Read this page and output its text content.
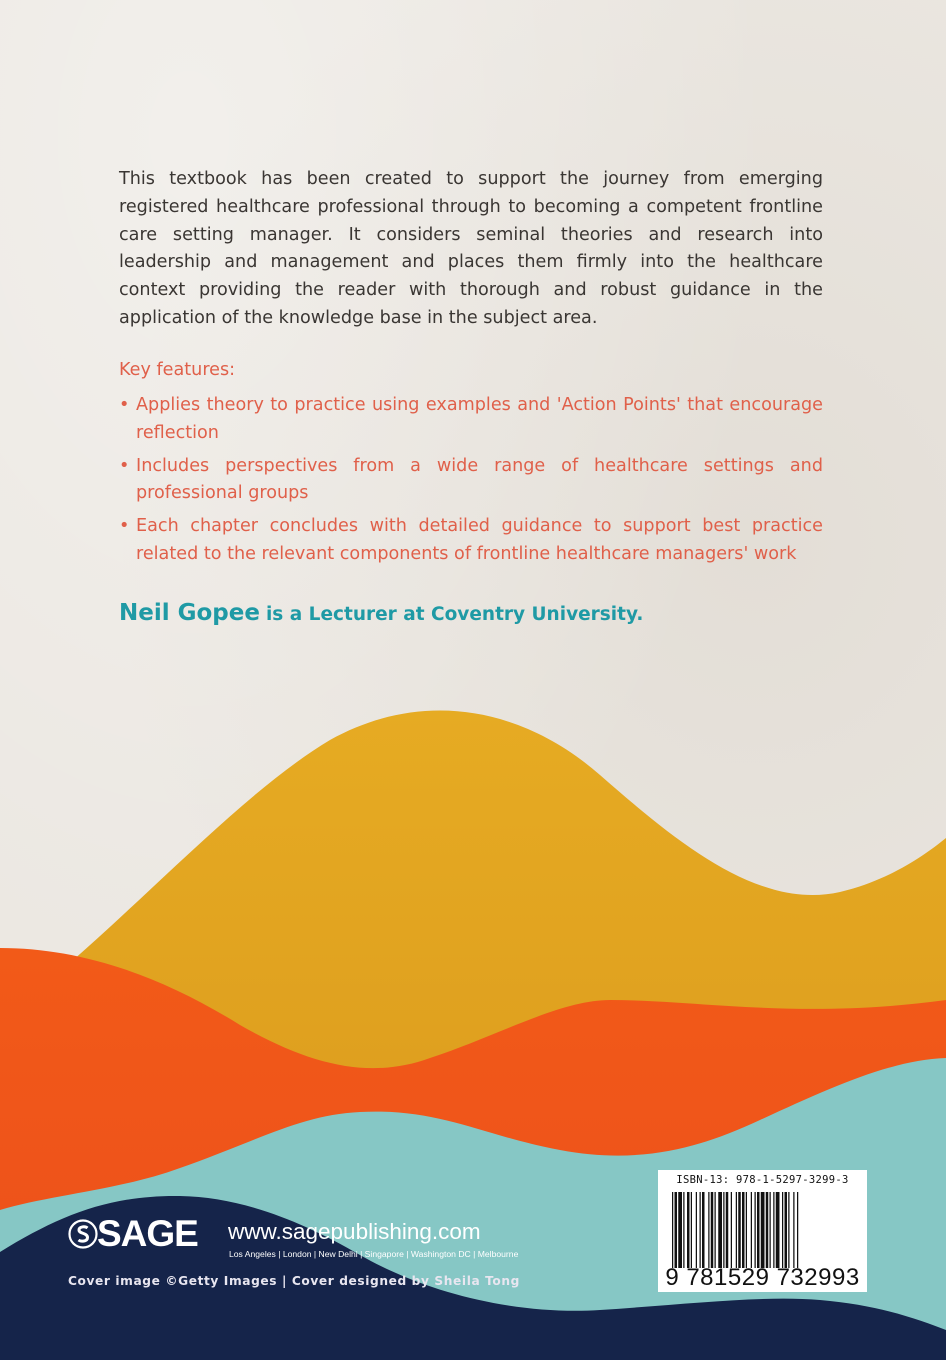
This textbook has been created to support the journey from emerging registered healthcare professional through to becoming a competent frontline care setting manager. It considers seminal theories and research into leadership and management and places them firmly into the healthcare context providing the reader with thorough and robust guidance in the application of the knowledge base in the subject area.

Key features:

• Applies theory to practice using examples and 'Action Points' that encourage reflection
• Includes perspectives from a wide range of healthcare settings and professional groups
• Each chapter concludes with detailed guidance to support best practice related to the relevant components of frontline healthcare managers' work

Neil Gopee is a Lecturer at Coventry University.

ISBN-13: 978-1-5297-3299-3
9 781529 732993
SAGE www.sagepublishing.com
Los Angeles | London | New Delhi | Singapore | Washington DC | Melbourne
Cover image ©Getty Images | Cover designed by Sheila Tong
